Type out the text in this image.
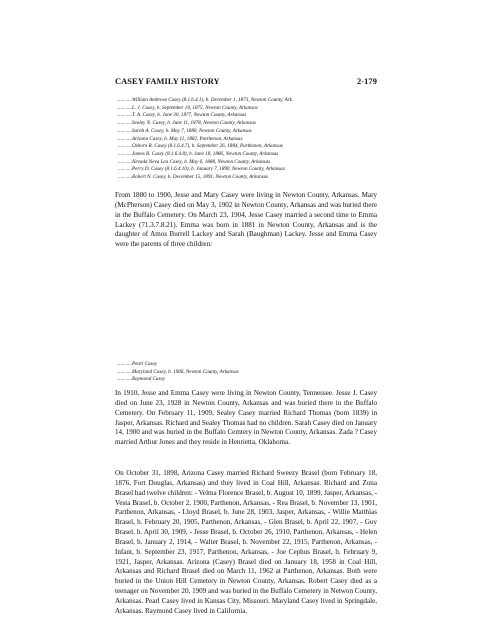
CASEY FAMILY HISTORY	2-179
...........William Ambrose Casey (8.1.6.4.1), b. December 1, 1873, Newton County, Ark.
...........L. J. Casey, b. September 19, 1875, Newton County, Arkansas
...........T. A. Casey, b. June 30, 1877, Newton County, Arkansas
...........Sealey N. Casey, b. June 11, 1878, Newton County, Arkansas
...........Sarah A. Casey, b. May 7, 1880, Newton County, Arkansas
...........Arizona Casey, b. May 11, 1882, Parthenon, Arkansas
...........Osborn R. Casey (8.1.6.4.7), b. September 26, 1884, Parthenon, Arkansas
...........James R. Casey (8.1.6.4.8), b. June 18, 1886, Newton County, Arkansas
...........Nevada Neva Lea Casey, b. May 6, 1888, Newton County, Arkansas
...........Perry D. Casey (8.1.6.4.10), b. January 7, 1890, Newton County, Arkansas
...........Robert N. Casey, b. December 15, 1891, Newton County, Arkansas

From 1880 to 1900, Jesse and Mary Casey were living in Newton County, Arkansas. Mary (McPherson) Casey died on May 3, 1902 in Newton County, Arkansas and was buried there in the Buffalo Cemetery. On March 23, 1904, Jesse Casey married a second time to Emma Lackey (71.3.7.8.21). Emma was born in 1881 in Newton County, Arkansas and is the daughter of Amos Burrell Lackey and Sarah (Baughman) Lackey. Jesse and Emma Casey were the parents of three children:

...........Pearl Casey
...........Maryland Casey, b. 1906, Newton County, Arkansas
...........Raymond Casey

In 1910, Jesse and Emma Casey were living in Newton County, Tennessee. Jesse J. Casey died on June 23, 1928 in Newton County, Arkansas and was buried there in the Buffalo Cemetery. On February 11, 1909, Sealey Casey married Richard Thomas (born 1839) in Jasper, Arkansas. Richard and Sealey Thomas had no children. Sarah Casey died on January 14, 1900 and was buried in the Buffalo Cemtery in Newton County, Arkansas. Zada ? Casey married Arthur Jones and they reside in Henrietta, Oklahoma.

On October 31, 1898, Arizona Casey married Richard Sweezy Brasel (born February 18, 1876, Fort Douglas, Arkansas) and they lived in Coal Hill, Arkansas. Richard and Zona Brasel had twelve children: - Velma Florence Brasel, b. August 10, 1899, Jasper, Arkansas, - Vesta Brasel, b. October 2, 1900, Parthenon, Arkansas, - Rea Brasel, b. November 13, 1901, Parthenon, Arkansas, - Lloyd Brasel, b. June 28, 1903, Jasper, Arkansas, - Willie Matthias Brasel, b. February 20, 1905, Parthenon, Arkansas, - Glen Brasel, b. April 22, 1907, - Guy Brasel, b. April 30, 1909, - Jesse Brasel, b. October 26, 1910, Parthenon, Arkansas, - Helen Brasel, b. January 2, 1914, - Walter Brasel, b. November 22, 1915, Parthenon, Arkansas, - Infant, b. September 23, 1917, Parthenon, Arkansas, - Joe Cephus Brasel, b. February 9, 1921, Jasper, Arkansas. Arizona (Casey) Brasel died on January 18, 1958 in Coal Hill, Arkansas and Richard Brasel died on March 11, 1962 at Parthenon, Arkansas. Both were buried in the Union Hill Cemetery in Newton County, Arkansas. Robert Casey died as a teenager on November 20, 1909 and was buried in the Buffalo Cemetery in Netwon County, Arkansas. Pearl Casey lived in Kansas City, Missouri. Maryland Casey lived in Springdale, Arkansas. Raymond Casey lived in California.
